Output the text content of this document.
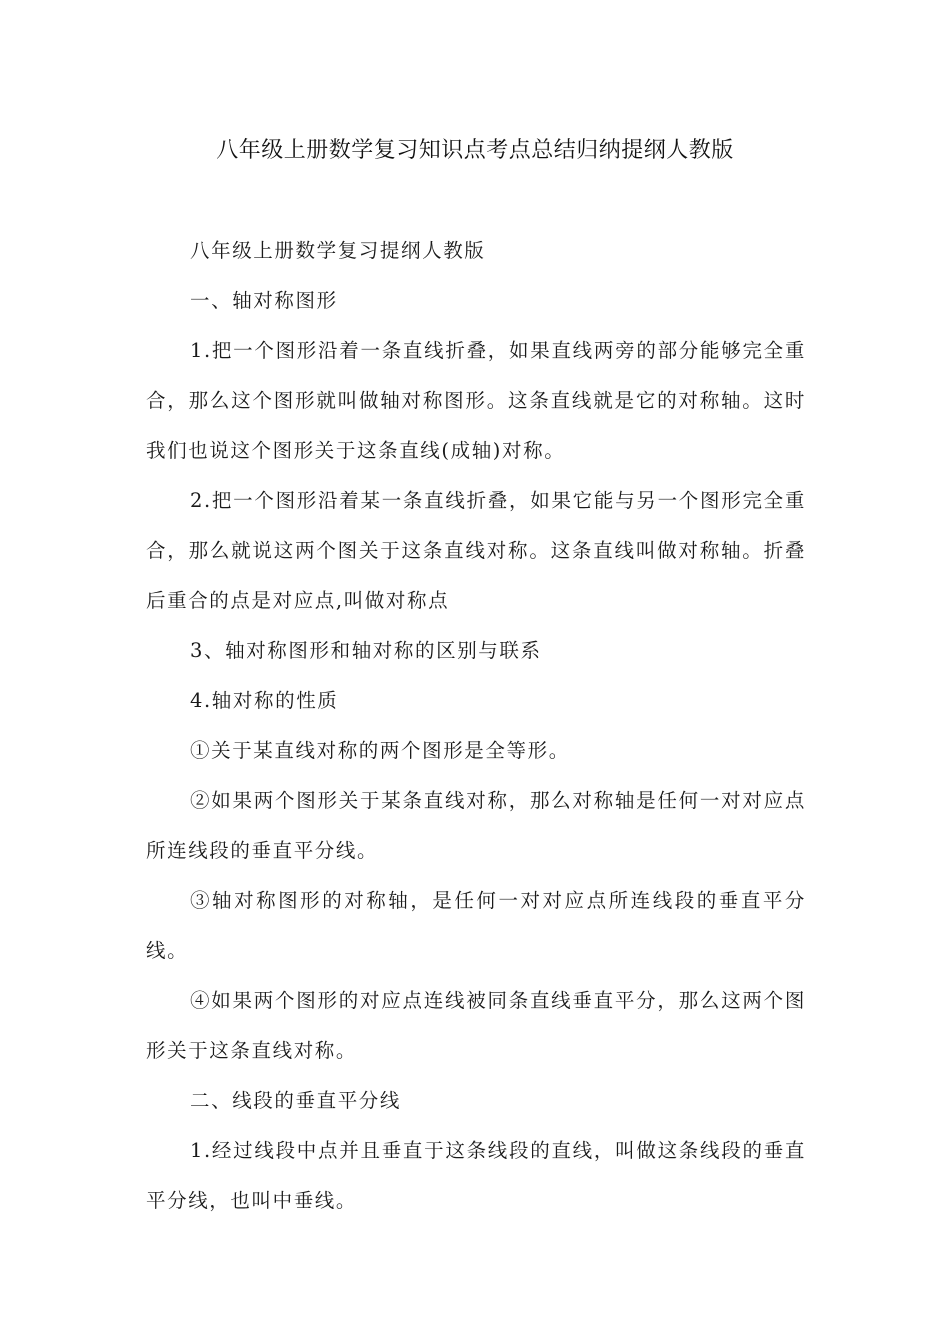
八年级上册数学复习知识点考点总结归纳提纲人教版

八年级上册数学复习提纲人教版

一、轴对称图形

1.把一个图形沿着一条直线折叠，如果直线两旁的部分能够完全重合，那么这个图形就叫做轴对称图形。这条直线就是它的对称轴。这时我们也说这个图形关于这条直线(成轴)对称。

2.把一个图形沿着某一条直线折叠，如果它能与另一个图形完全重合，那么就说这两个图关于这条直线对称。这条直线叫做对称轴。折叠后重合的点是对应点,叫做对称点

3、轴对称图形和轴对称的区别与联系

4.轴对称的性质

①关于某直线对称的两个图形是全等形。

②如果两个图形关于某条直线对称，那么对称轴是任何一对对应点所连线段的垂直平分线。

③轴对称图形的对称轴，是任何一对对应点所连线段的垂直平分线。

④如果两个图形的对应点连线被同条直线垂直平分，那么这两个图形关于这条直线对称。

二、线段的垂直平分线

1.经过线段中点并且垂直于这条线段的直线，叫做这条线段的垂直平分线，也叫中垂线。
